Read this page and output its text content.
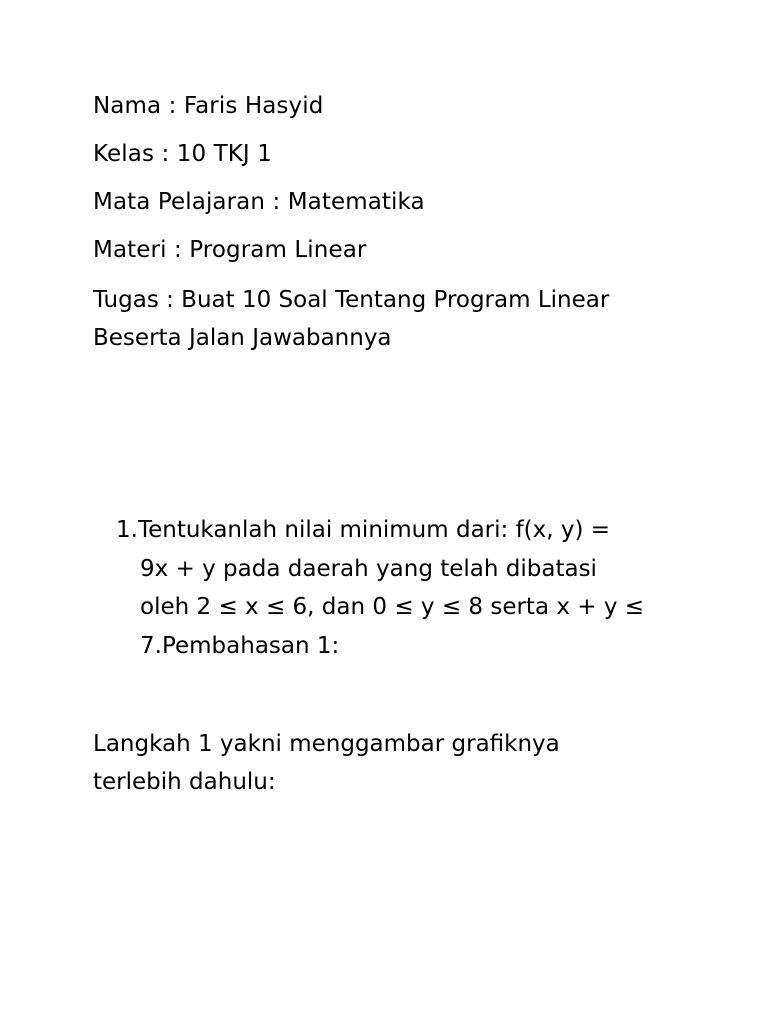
Nama : Faris Hasyid

Kelas : 10 TKJ 1

Mata Pelajaran : Matematika

Materi : Program Linear

Tugas : Buat 10 Soal Tentang Program Linear

Beserta Jalan Jawabannya

1.Tentukanlah nilai minimum dari: f(x, y) =

9x + y pada daerah yang telah dibatasi

oleh 2 ≤ x ≤ 6, dan 0 ≤ y ≤ 8 serta x + y ≤

7.Pembahasan 1:

Langkah 1 yakni menggambar grafiknya

terlebih dahulu:
